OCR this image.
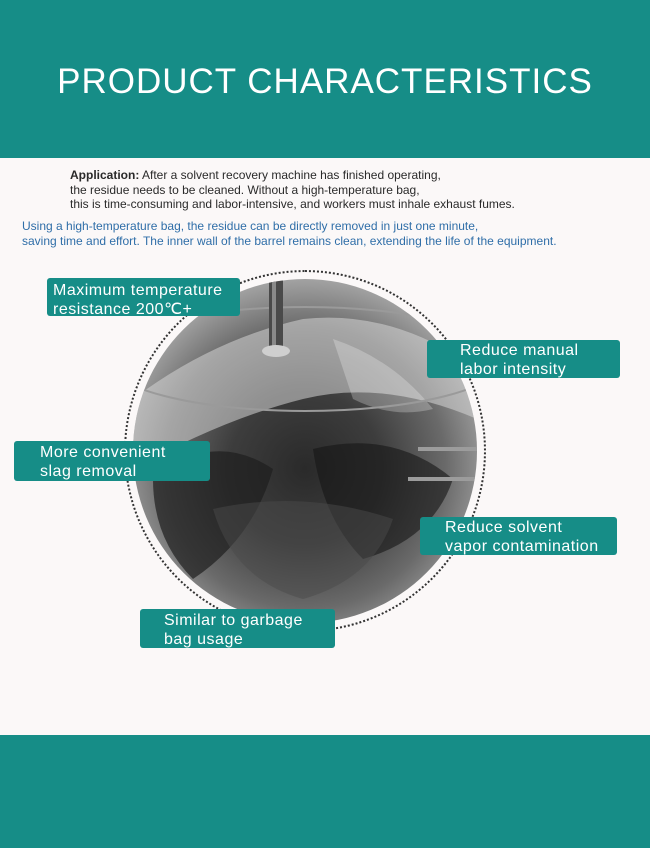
PRODUCT CHARACTERISTICS
Application: After a solvent recovery machine has finished operating,
the residue needs to be cleaned. Without a high-temperature bag,
this is time-consuming and labor-intensive, and workers must inhale exhaust fumes.
Using a high-temperature bag, the residue can be directly removed in just one minute,
saving time and effort. The inner wall of the barrel remains clean, extending the life of the equipment.
Maximum temperature
resistance 200℃+
Reduce manual
labor intensity
More convenient
slag removal
Reduce solvent
vapor contamination
Similar to garbage
bag usage
